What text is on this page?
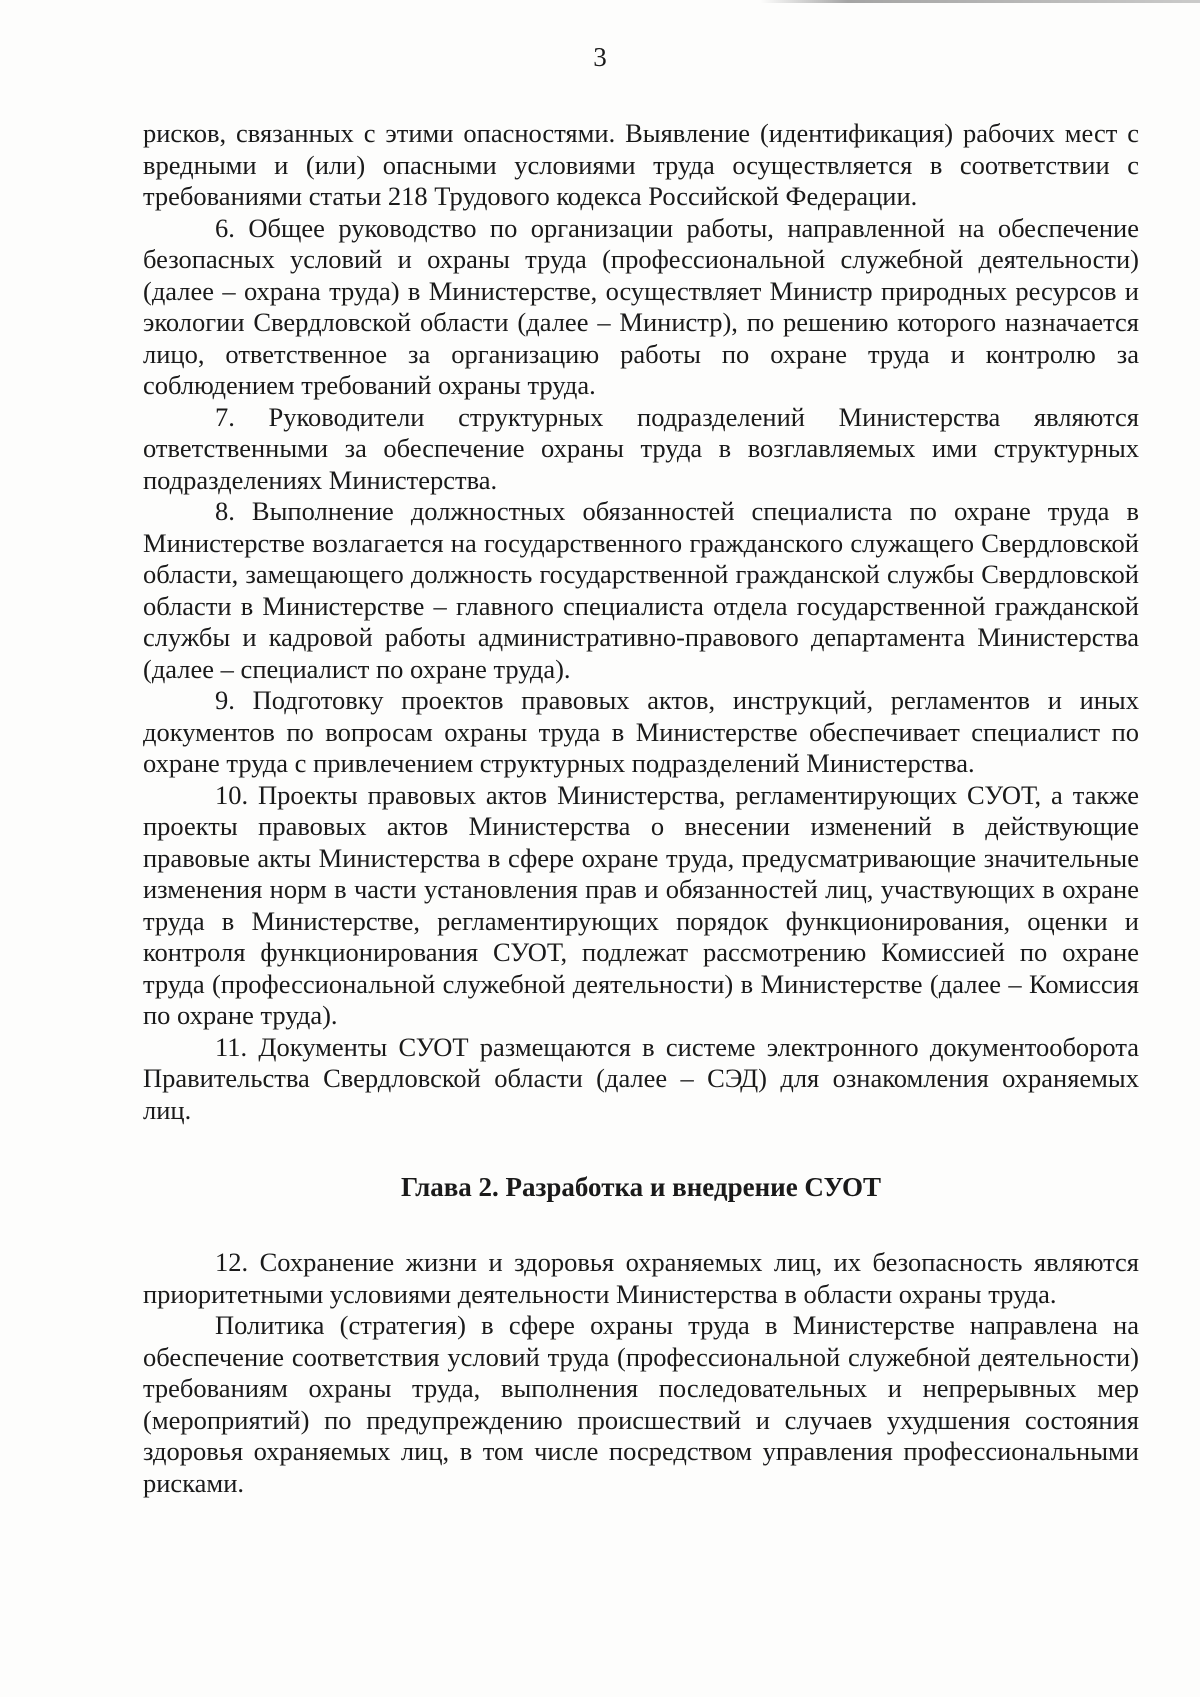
3

рисков, связанных с этими опасностями. Выявление (идентификация) рабочих мест с вредными и (или) опасными условиями труда осуществляется в соответствии с требованиями статьи 218 Трудового кодекса Российской Федерации.

6. Общее руководство по организации работы, направленной на обеспечение безопасных условий и охраны труда (профессиональной служебной деятельности) (далее – охрана труда) в Министерстве, осуществляет Министр природных ресурсов и экологии Свердловской области (далее – Министр), по решению которого назначается лицо, ответственное за организацию работы по охране труда и контролю за соблюдением требований охраны труда.

7. Руководители структурных подразделений Министерства являются ответственными за обеспечение охраны труда в возглавляемых ими структурных подразделениях Министерства.

8. Выполнение должностных обязанностей специалиста по охране труда в Министерстве возлагается на государственного гражданского служащего Свердловской области, замещающего должность государственной гражданской службы Свердловской области в Министерстве – главного специалиста отдела государственной гражданской службы и кадровой работы административно-правового департамента Министерства (далее – специалист по охране труда).

9. Подготовку проектов правовых актов, инструкций, регламентов и иных документов по вопросам охраны труда в Министерстве обеспечивает специалист по охране труда с привлечением структурных подразделений Министерства.

10. Проекты правовых актов Министерства, регламентирующих СУОТ, а также проекты правовых актов Министерства о внесении изменений в действующие правовые акты Министерства в сфере охране труда, предусматривающие значительные изменения норм в части установления прав и обязанностей лиц, участвующих в охране труда в Министерстве, регламентирующих порядок функционирования, оценки и контроля функционирования СУОТ, подлежат рассмотрению Комиссией по охране труда (профессиональной служебной деятельности) в Министерстве (далее – Комиссия по охране труда).

11. Документы СУОТ размещаются в системе электронного документооборота Правительства Свердловской области (далее – СЭД) для ознакомления охраняемых лиц.

Глава 2. Разработка и внедрение СУОТ

12. Сохранение жизни и здоровья охраняемых лиц, их безопасность являются приоритетными условиями деятельности Министерства в области охраны труда.

Политика (стратегия) в сфере охраны труда в Министерстве направлена на обеспечение соответствия условий труда (профессиональной служебной деятельности) требованиям охраны труда, выполнения последовательных и непрерывных мер (мероприятий) по предупреждению происшествий и случаев ухудшения состояния здоровья охраняемых лиц, в том числе посредством управления профессиональными рисками.
